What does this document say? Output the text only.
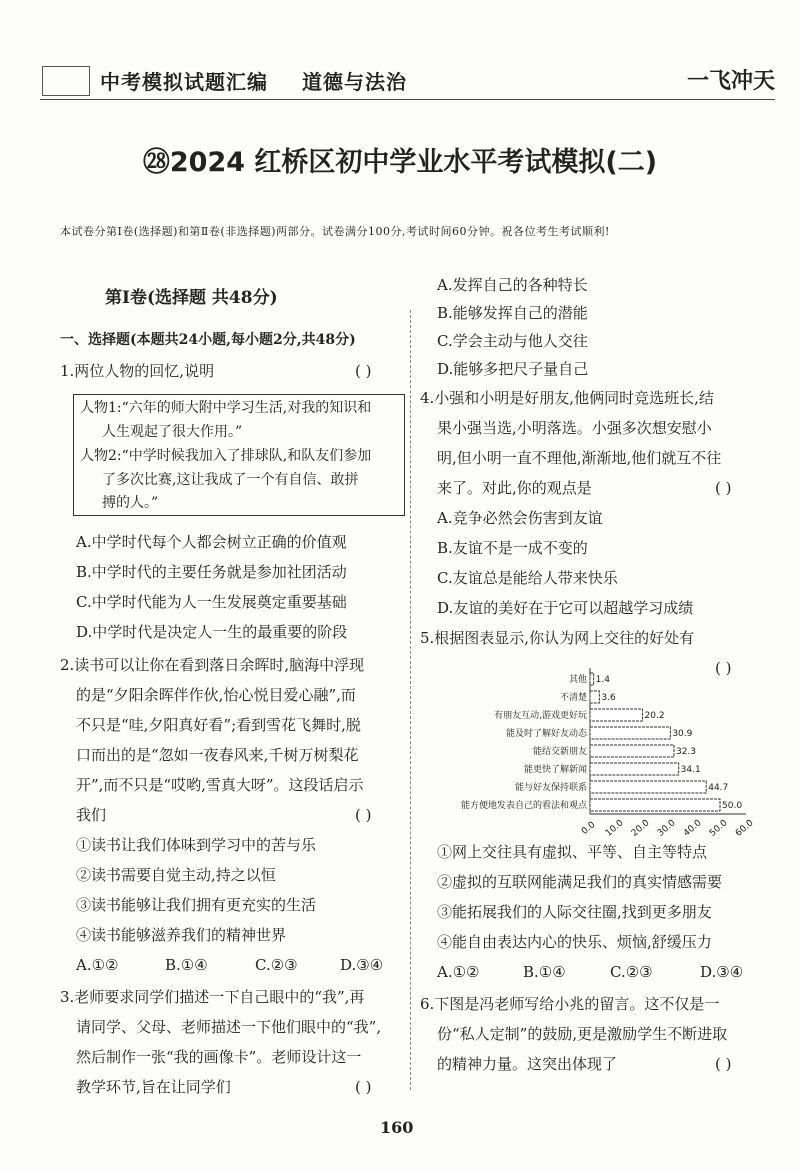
中考模拟试题汇编 道德与法治	一飞冲天
㉘2024 红桥区初中学业水平考试模拟(二)
本试卷分第Ⅰ卷(选择题)和第Ⅱ卷(非选择题)两部分。试卷满分100分,考试时间60分钟。祝各位考生考试顺利!
第Ⅰ卷(选择题 共48分)
一、选择题(本题共24小题,每小题2分,共48分)
1.两位人物的回忆,说明	( )
人物1:“六年的师大附中学习生活,对我的知识和
人生观起了很大作用。”
人物2:“中学时候我加入了排球队,和队友们参加
了多次比赛,这让我成了一个有自信、敢拼
搏的人。”
A.中学时代每个人都会树立正确的价值观
B.中学时代的主要任务就是参加社团活动
C.中学时代能为人一生发展奠定重要基础
D.中学时代是决定人一生的最重要的阶段
2.读书可以让你在看到落日余晖时,脑海中浮现
的是“夕阳余晖伴作伙,怡心悦目爱心融”,而
不只是“哇,夕阳真好看”;看到雪花飞舞时,脱
口而出的是“忽如一夜春风来,千树万树梨花
开”,而不只是“哎哟,雪真大呀”。这段话启示
我们	( )
①读书让我们体味到学习中的苦与乐
②读书需要自觉主动,持之以恒
③读书能够让我们拥有更充实的生活
④读书能够滋养我们的精神世界
A.①②	B.①④	C.②③	D.③④
3.老师要求同学们描述一下自己眼中的“我”,再
请同学、父母、老师描述一下他们眼中的“我”,
然后制作一张“我的画像卡”。老师设计这一
教学环节,旨在让同学们	( )
A.发挥自己的各种特长
B.能够发挥自己的潜能
C.学会主动与他人交往
D.能够多把尺子量自己
4.小强和小明是好朋友,他俩同时竞选班长,结
果小强当选,小明落选。小强多次想安慰小
明,但小明一直不理他,渐渐地,他们就互不往
来了。对此,你的观点是	( )
A.竞争必然会伤害到友谊
B.友谊不是一成不变的
C.友谊总是能给人带来快乐
D.友谊的美好在于它可以超越学习成绩
5.根据图表显示,你认为网上交往的好处有
( )
其他 1.4
不清楚 3.6
有朋友互动,游戏更好玩	20.2
能及时了解好友动态	30.9
能结交新朋友	32.3
能更快了解新闻	34.1
能与好友保持联系	44.7
能方便地发表自己的看法和观点	50.0
0.0 10.0 20.0 30.0 40.0 50.0 60.0
①网上交往具有虚拟、平等、自主等特点
②虚拟的互联网能满足我们的真实情感需要
③能拓展我们的人际交往圈,找到更多朋友
④能自由表达内心的快乐、烦恼,舒缓压力
A.①②	B.①④	C.②③	D.③④
6.下图是冯老师写给小兆的留言。这不仅是一
份“私人定制”的鼓励,更是激励学生不断进取
的精神力量。这突出体现了	( )
160
